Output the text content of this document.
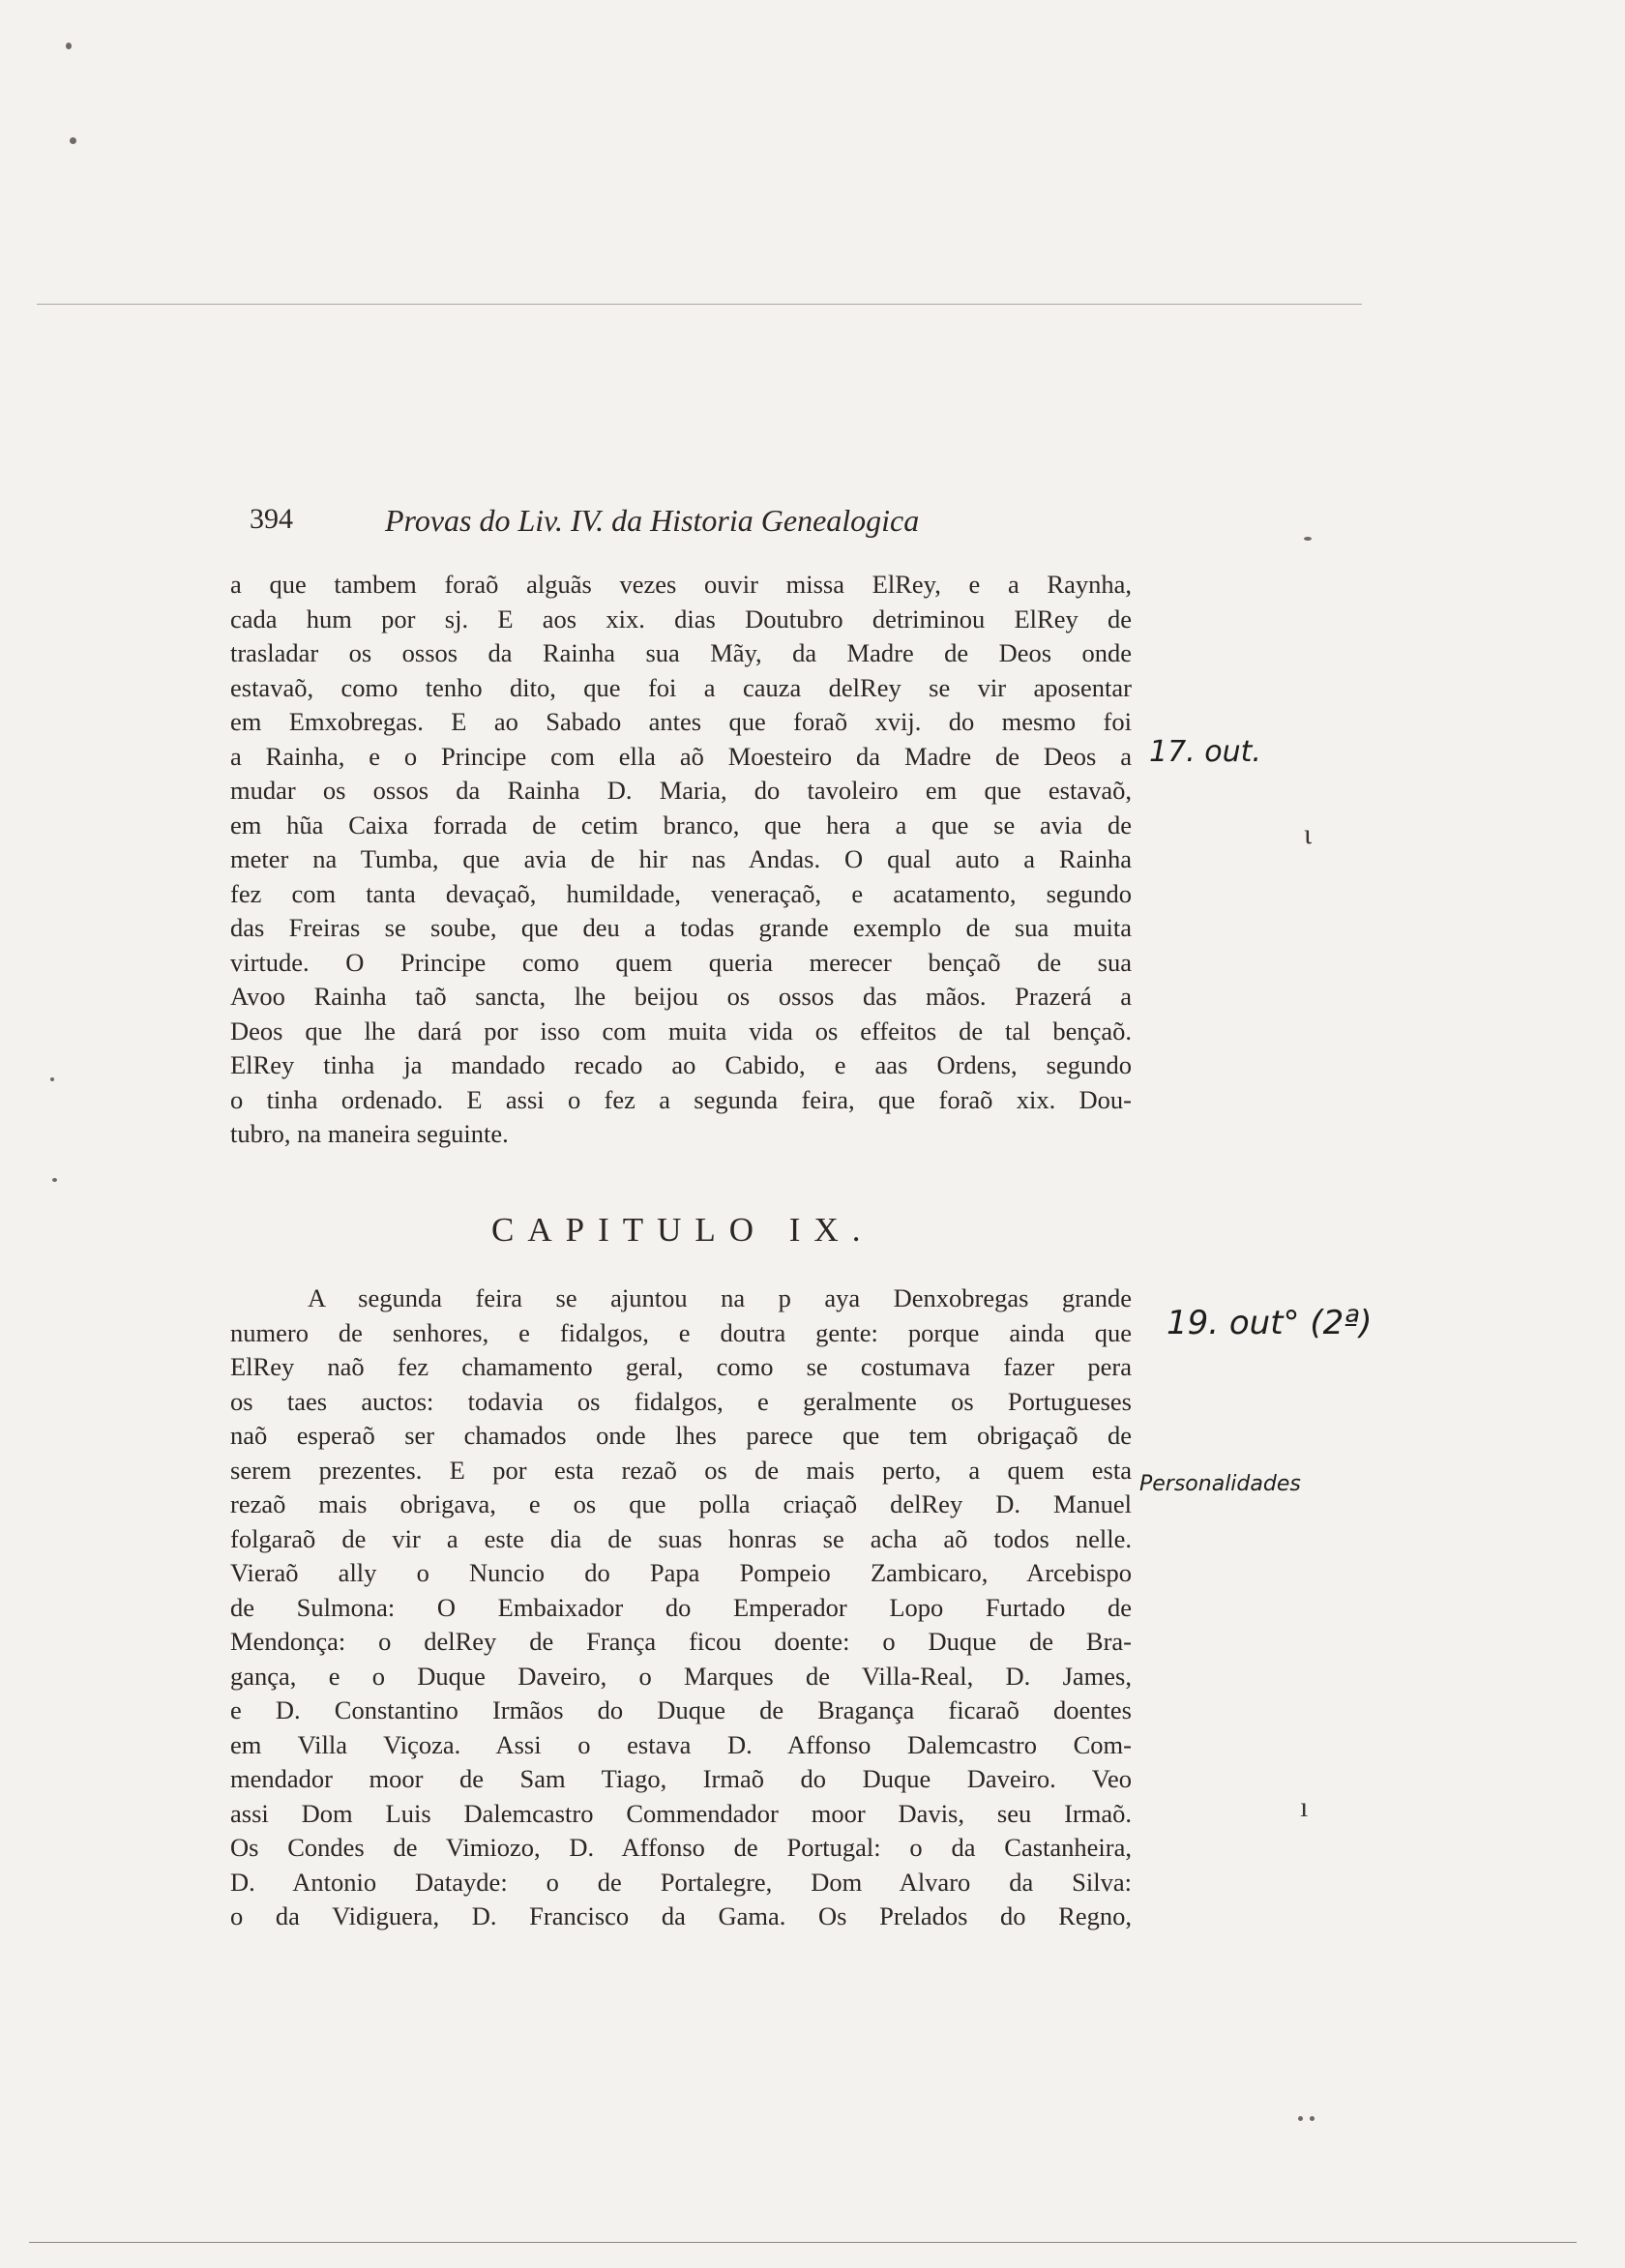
394	Provas do Liv. IV. da Historia Genealogica
a que tambem foraõ alguãs vezes ouvir missa ElRey, e a Raynha,
cada hum por sj. E aos xix. dias Doutubro detriminou ElRey de
trasladar os ossos da Rainha sua Mãy, da Madre de Deos onde
estavaõ, como tenho dito, que foi a cauza delRey se vir aposentar
em Emxobregas. E ao Sabado antes que foraõ xvij. do mesmo foi
a Rainha, e o Principe com ella aõ Moesteiro da Madre de Deos a
mudar os ossos da Rainha D. Maria, do tavoleiro em que estavaõ,
em hũa Caixa forrada de cetim branco, que hera a que se avia de
meter na Tumba, que avia de hir nas Andas. O qual auto a Rainha
fez com tanta devaçaõ, humildade, veneraçaõ, e acatamento, segundo
das Freiras se soube, que deu a todas grande exemplo de sua muita
virtude. O Principe como quem queria merecer bençaõ de sua
Avoo Rainha taõ sancta, lhe beijou os ossos das mãos. Prazerá a
Deos que lhe dará por isso com muita vida os effeitos de tal bençaõ.
ElRey tinha ja mandado recado ao Cabido, e aas Ordens, segundo
o tinha ordenado. E assi o fez a segunda feira, que foraõ xix. Dou-
tubro, na maneira seguinte.
CAPITULO IX.
A segunda feira se ajuntou na p aya Denxobregas grande
numero de senhores, e fidalgos, e doutra gente: porque ainda que
ElRey naõ fez chamamento geral, como se costumava fazer pera
os taes auctos: todavia os fidalgos, e geralmente os Portugueses
naõ esperaõ ser chamados onde lhes parece que tem obrigaçaõ de
serem prezentes. E por esta rezaõ os de mais perto, a quem esta
rezaõ mais obrigava, e os que polla criaçaõ delRey D. Manuel
folgaraõ de vir a este dia de suas honras se acha aõ todos nelle.
Vieraõ ally o Nuncio do Papa Pompeio Zambicaro, Arcebispo
de Sulmona: O Embaixador do Emperador Lopo Furtado de
Mendonça: o delRey de França ficou doente: o Duque de Bra-
gança, e o Duque Daveiro, o Marques de Villa-Real, D. James,
e D. Constantino Irmãos do Duque de Bragança ficaraõ doentes
em Villa Viçoza. Assi o estava D. Affonso Dalemcastro Com-
mendador moor de Sam Tiago, Irmaõ do Duque Daveiro. Veo
assi Dom Luis Dalemcastro Commendador moor Davis, seu Irmaõ.
Os Condes de Vimiozo, D. Affonso de Portugal: o da Castanheira,
D. Antonio Datayde: o de Portalegre, Dom Alvaro da Silva:
o da Vidiguera, D. Francisco da Gama. Os Prelados do Regno,
17. out.
19. out° (2ª)
Personalidades
ι
ı
